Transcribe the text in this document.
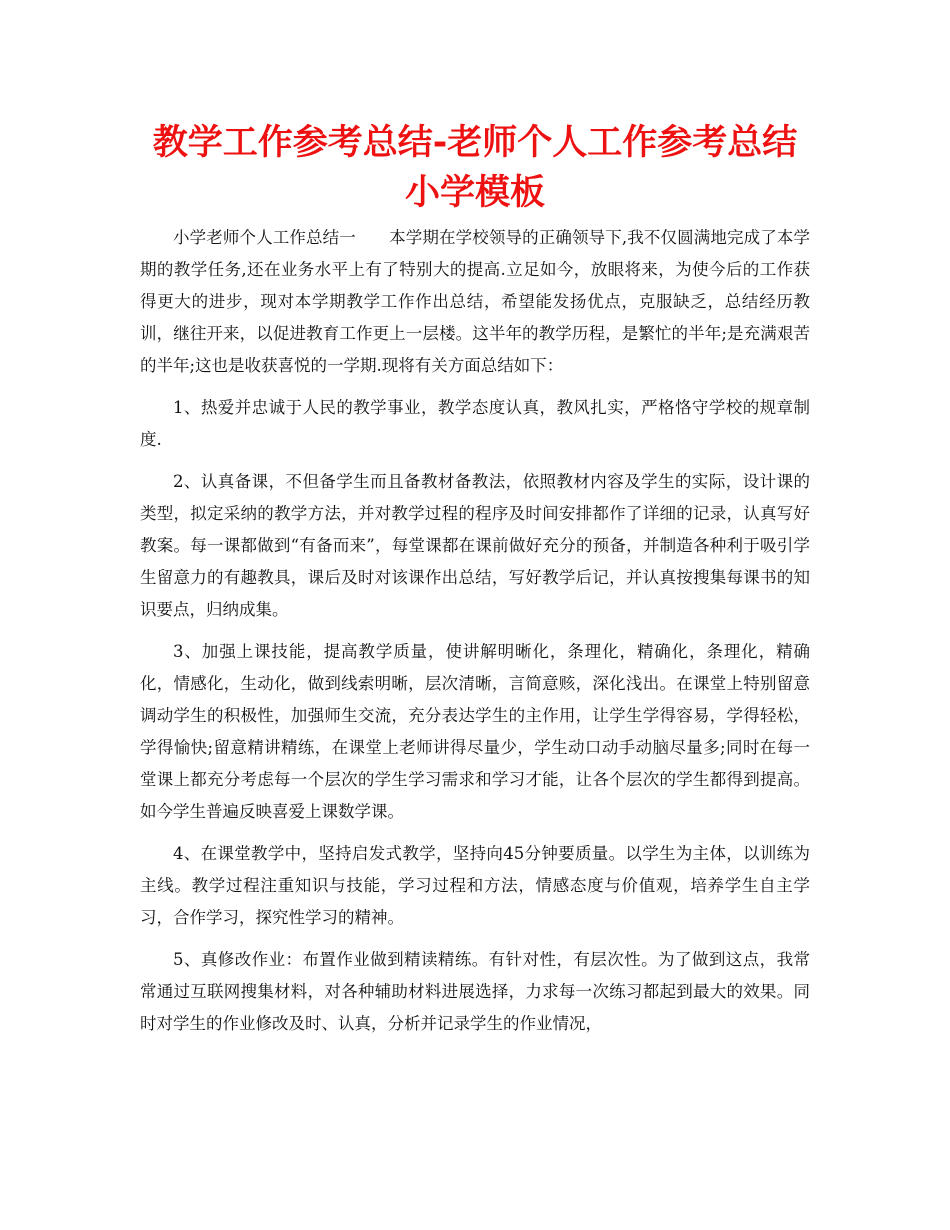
教学工作参考总结-老师个人工作参考总结小学模板

小学老师个人工作总结一　　本学期在学校领导的正确领导下,我不仅圆满地完成了本学期的教学任务,还在业务水平上有了特别大的提高.立足如今，放眼将来，为使今后的工作获得更大的进步，现对本学期教学工作作出总结，希望能发扬优点，克服缺乏，总结经历教训，继往开来，以促进教育工作更上一层楼。这半年的教学历程，是繁忙的半年;是充满艰苦的半年;这也是收获喜悦的一学期.现将有关方面总结如下：

1、热爱并忠诚于人民的教学事业，教学态度认真，教风扎实，严格恪守学校的规章制度.

2、认真备课，不但备学生而且备教材备教法，依照教材内容及学生的实际，设计课的类型，拟定采纳的教学方法，并对教学过程的程序及时间安排都作了详细的记录，认真写好教案。每一课都做到“有备而来”，每堂课都在课前做好充分的预备，并制造各种利于吸引学生留意力的有趣教具，课后及时对该课作出总结，写好教学后记，并认真按搜集每课书的知识要点，归纳成集。

3、加强上课技能，提高教学质量，使讲解明晰化，条理化，精确化，条理化，精确化，情感化，生动化，做到线索明晰，层次清晰，言简意赅，深化浅出。在课堂上特别留意调动学生的积极性，加强师生交流，充分表达学生的主作用，让学生学得容易，学得轻松，学得愉快;留意精讲精练，在课堂上老师讲得尽量少，学生动口动手动脑尽量多;同时在每一堂课上都充分考虑每一个层次的学生学习需求和学习才能，让各个层次的学生都得到提高。如今学生普遍反映喜爱上课数学课。

4、在课堂教学中，坚持启发式教学，坚持向45分钟要质量。以学生为主体，以训练为主线。教学过程注重知识与技能，学习过程和方法，情感态度与价值观，培养学生自主学习，合作学习，探究性学习的精神。

5、真修改作业：布置作业做到精读精练。有针对性，有层次性。为了做到这点，我常常通过互联网搜集材料，对各种辅助材料进展选择，力求每一次练习都起到最大的效果。同时对学生的作业修改及时、认真，分析并记录学生的作业情况，
